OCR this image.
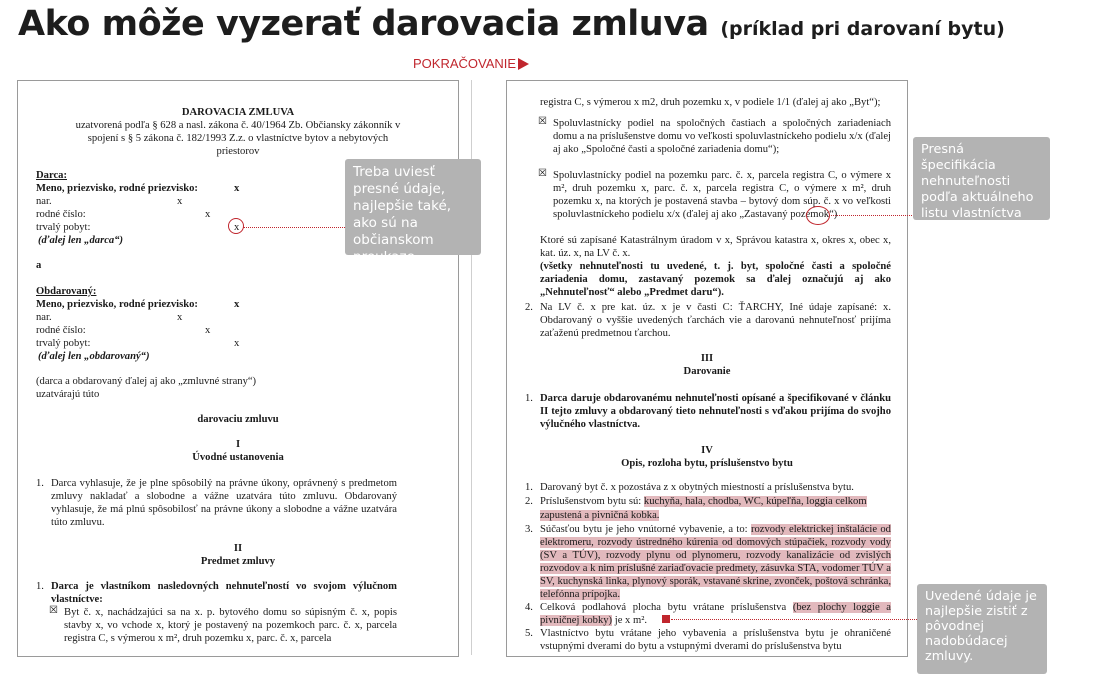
Ako môže vyzerať darovacia zmluva (príklad pri darovaní bytu)
POKRAČOVANIE
DAROVACIA ZMLUVA
uzatvorená podľa § 628 a nasl. zákona č. 40/1964 Zb. Občiansky zákonník v
spojení s § 5 zákona č. 182/1993 Z.z. o vlastníctve bytov a nebytových
priestorov
Darca:
Meno, priezvisko, rodné priezvisko:	x
nar.	x
rodné číslo:	x
trvalý pobyt:	x
(ďalej len „darca“)
a
Obdarovaný:
Meno, priezvisko, rodné priezvisko:	x
nar.	x
rodné číslo:	x
trvalý pobyt:	x
(ďalej len „obdarovaný“)
(darca a obdarovaný ďalej aj ako „zmluvné strany“)
uzatvárajú túto
darovaciu zmluvu
I
Úvodné ustanovenia
1. Darca vyhlasuje, že je plne spôsobilý na právne úkony, oprávnený s predmetom zmluvy nakladať a slobodne a vážne uzatvára túto zmluvu. Obdarovaný vyhlasuje, že má plnú spôsobilosť na právne úkony a slobodne a vážne uzatvára túto zmluvu.
II
Predmet zmluvy
1. Darca je vlastníkom nasledovných nehnuteľností vo svojom výlučnom vlastníctve:
☒ Byt č. x, nachádzajúci sa na x. p. bytového domu so súpisným č. x, popis stavby x, vo vchode x, ktorý je postavený na pozemkoch parc. č. x, parcela registra C, s výmerou x m², druh pozemku x, parc. č. x, parcela
registra C, s výmerou x m2, druh pozemku x, v podiele 1/1 (ďalej aj ako „Byt“);
☒ Spoluvlastnícky podiel na spoločných častiach a spoločných zariadeniach domu a na príslušenstve domu vo veľkosti spoluvlastníckeho podielu x/x (ďalej aj ako „Spoločné časti a spoločné zariadenia domu“);
☒ Spoluvlastnícky podiel na pozemku parc. č. x, parcela registra C, o výmere x m², druh pozemku x, parc. č. x, parcela registra C, o výmere x m², druh pozemku x, na ktorých je postavená stavba – bytový dom súp. č. x vo veľkosti spoluvlastníckeho podielu x/x (ďalej aj ako „Zastavaný pozemok“)
Ktoré sú zapísané Katastrálnym úradom v x, Správou katastra x, okres x, obec x, kat. úz. x, na LV č. x.
(všetky nehnuteľnosti tu uvedené, t. j. byt, spoločné časti a spoločné zariadenia domu, zastavaný pozemok sa ďalej označujú aj ako „Nehnuteľnosť“ alebo „Predmet daru“).
2. Na LV č. x pre kat. úz. x je v časti C: ŤARCHY, Iné údaje zapísané: x. Obdarovaný o vyššie uvedených ťarchách vie a darovanú nehnuteľnosť prijíma zaťaženú predmetnou ťarchou.
III
Darovanie
1. Darca daruje obdarovanému nehnuteľnosti opísané a špecifikované v článku II tejto zmluvy a obdarovaný tieto nehnuteľnosti s vďakou prijíma do svojho výlučného vlastníctva.
IV
Opis, rozloha bytu, príslušenstvo bytu
1. Darovaný byt č. x pozostáva z x obytných miestností a príslušenstva bytu.
2. Príslušenstvom bytu sú: kuchyňa, hala, chodba, WC, kúpeľňa, loggia celkom
zapustená a pivničná kobka.
3. Súčasťou bytu je jeho vnútorné vybavenie, a to: rozvody elektrickej inštalácie od elektromeru, rozvody ústredného kúrenia od domových stúpačiek, rozvody vody (SV a TÚV), rozvody plynu od plynomeru, rozvody kanalizácie od zvislých rozvodov a k nim príslušné zariaďovacie predmety, zásuvka STA, vodomer TÚV a SV, kuchynská linka, plynový sporák, vstavané skrine, zvonček, poštová schránka, telefónna prípojka.
4. Celková podlahová plocha bytu vrátane príslušenstva (bez plochy loggie a pivničnej kobky) je x m².
5. Vlastníctvo bytu vrátane jeho vybavenia a príslušenstva bytu je ohraničené vstupnými dverami do bytu a vstupnými dverami do príslušenstva bytu
Treba uviesť presné údaje, najlepšie také, ako sú na občianskom preukaze.
Presná špecifikácia nehnuteľnosti podľa aktuálneho listu vlastníctva
Uvedené údaje je najlepšie zistiť z pôvodnej nadobúdacej zmluvy.
